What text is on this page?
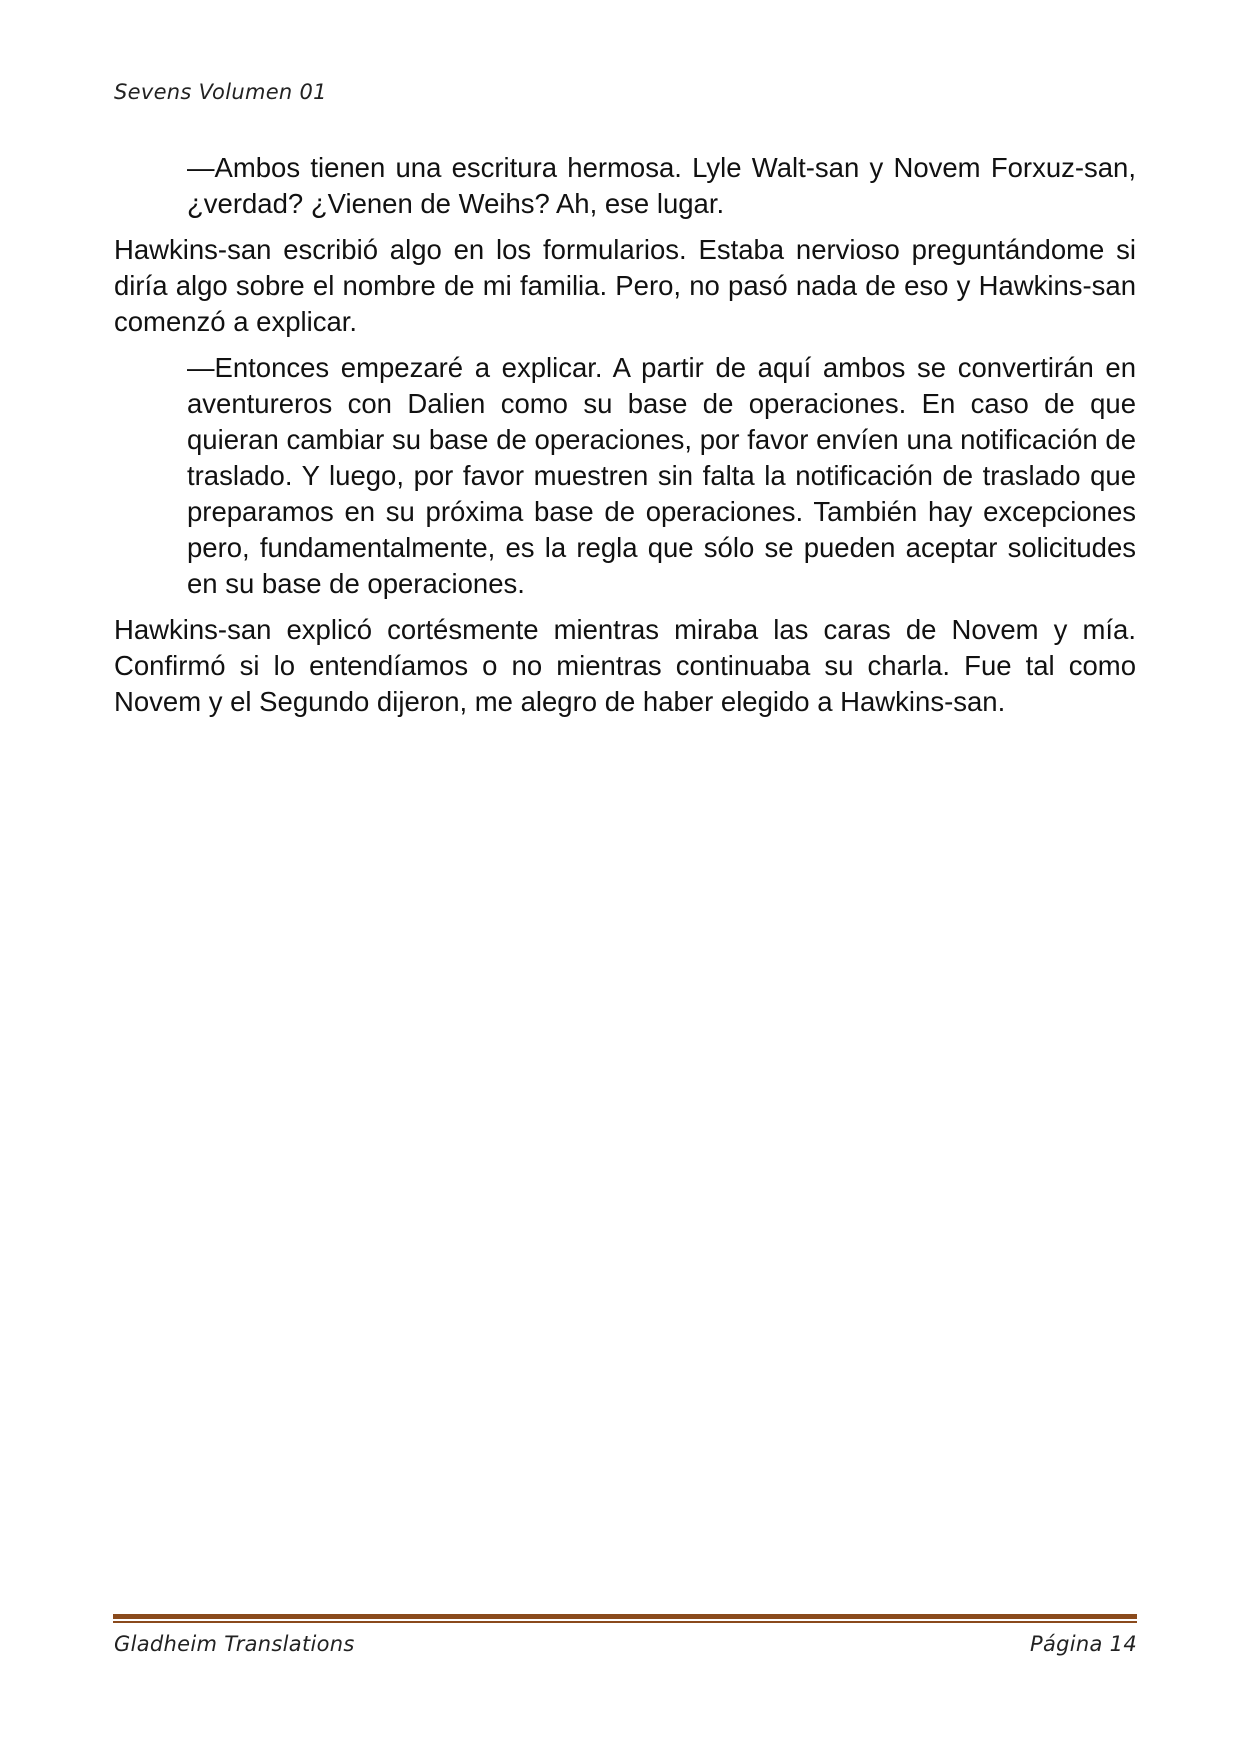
Sevens Volumen 01

—Ambos tienen una escritura hermosa. Lyle Walt-san y Novem Forxuz-san, ¿verdad? ¿Vienen de Weihs? Ah, ese lugar.

Hawkins-san escribió algo en los formularios. Estaba nervioso preguntándome si diría algo sobre el nombre de mi familia. Pero, no pasó nada de eso y Hawkins-san comenzó a explicar.

—Entonces empezaré a explicar. A partir de aquí ambos se convertirán en aventureros con Dalien como su base de operaciones. En caso de que quieran cambiar su base de operaciones, por favor envíen una notificación de traslado. Y luego, por favor muestren sin falta la notificación de traslado que preparamos en su próxima base de operaciones. También hay excepciones pero, fundamentalmente, es la regla que sólo se pueden aceptar solicitudes en su base de operaciones.

Hawkins-san explicó cortésmente mientras miraba las caras de Novem y mía. Confirmó si lo entendíamos o no mientras continuaba su charla. Fue tal como Novem y el Segundo dijeron, me alegro de haber elegido a Hawkins-san.

Gladheim Translations	Página 14
